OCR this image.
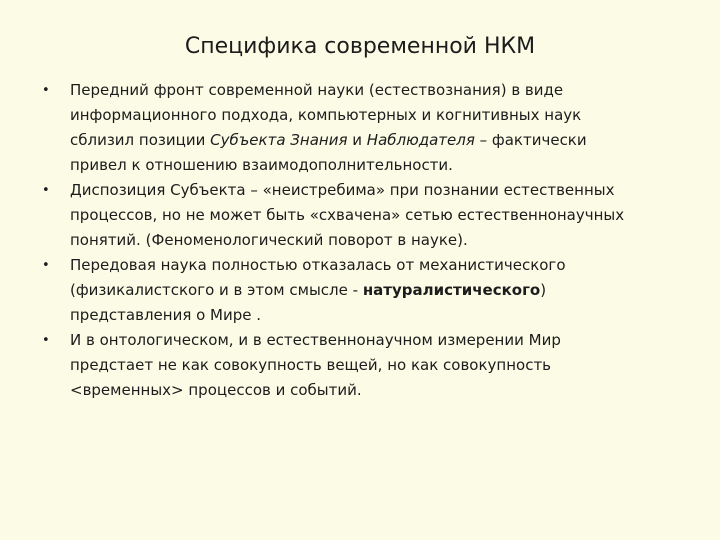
Специфика современной НКМ
•	Передний фронт современной науки (естествознания) в виде информационного подхода, компьютерных и когнитивных наук сблизил позиции Субъекта Знания и Наблюдателя – фактически привел к отношению взаимодополнительности.
•	Диспозиция Субъекта – «неистребима» при познании естественных процессов, но не может быть «схвачена» сетью естественнонаучных понятий. (Феноменологический поворот в науке).
•	Передовая наука полностью отказалась от механистического (физикалистского и в этом смысле - натуралистического) представления о Мире .
•	И в онтологическом, и в естественнонаучном измерении Мир предстает не как совокупность вещей, но как совокупность <временных> процессов и событий.
